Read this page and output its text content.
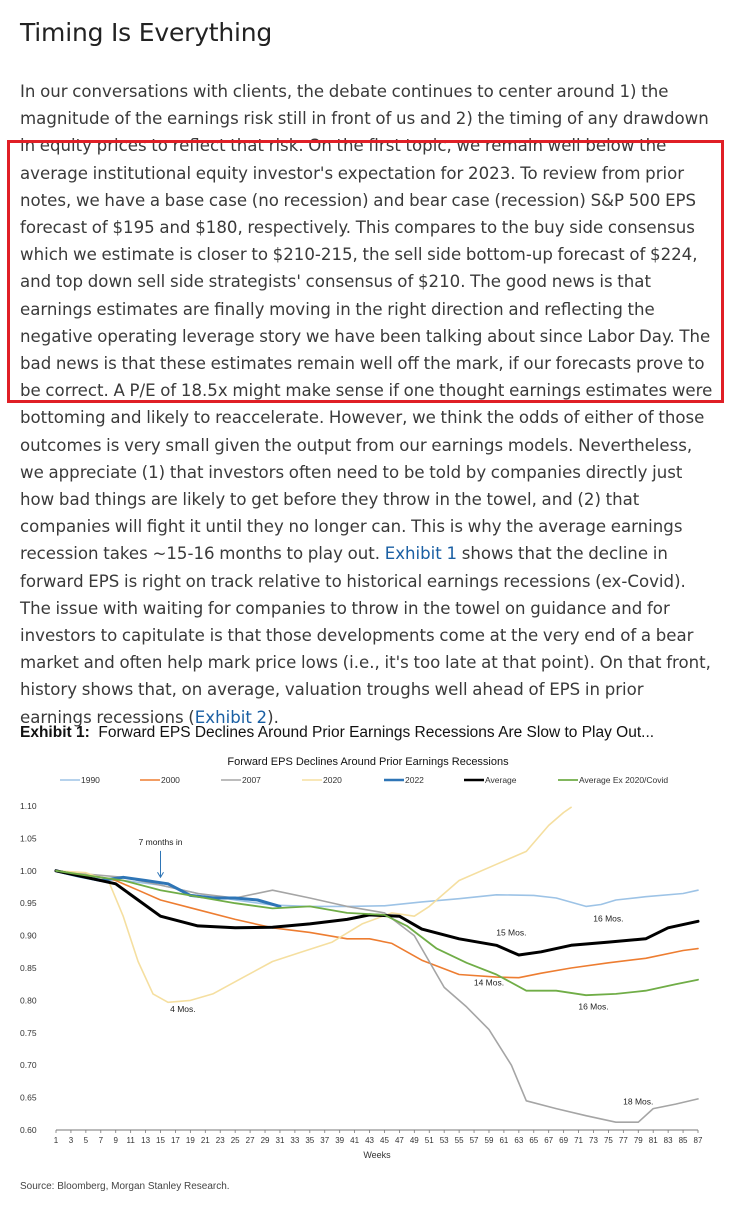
Timing Is Everything

In our conversations with clients, the debate continues to center around 1) the magnitude of the earnings risk still in front of us and 2) the timing of any drawdown in equity prices to reflect that risk. On the first topic, we remain well below the average institutional equity investor's expectation for 2023. To review from prior notes, we have a base case (no recession) and bear case (recession) S&P 500 EPS forecast of $195 and $180, respectively. This compares to the buy side consensus which we estimate is closer to $210-215, the sell side bottom-up forecast of $224, and top down sell side strategists' consensus of $210. The good news is that earnings estimates are finally moving in the right direction and reflecting the negative operating leverage story we have been talking about since Labor Day. The bad news is that these estimates remain well off the mark, if our forecasts prove to be correct. A P/E of 18.5x might make sense if one thought earnings estimates were bottoming and likely to reaccelerate. However, we think the odds of either of those outcomes is very small given the output from our earnings models. Nevertheless, we appreciate (1) that investors often need to be told by companies directly just how bad things are likely to get before they throw in the towel, and (2) that companies will fight it until they no longer can. This is why the average earnings recession takes ~15-16 months to play out. Exhibit 1 shows that the decline in forward EPS is right on track relative to historical earnings recessions (ex-Covid). The issue with waiting for companies to throw in the towel on guidance and for investors to capitulate is that those developments come at the very end of a bear market and often help mark price lows (i.e., it's too late at that point). On that front, history shows that, on average, valuation troughs well ahead of EPS in prior earnings recessions (Exhibit 2).

Exhibit 1: Forward EPS Declines Around Prior Earnings Recessions Are Slow to Play Out...

Forward EPS Declines Around Prior Earnings Recessions
1990	2000	2007	2020	2022	Average	Average Ex 2020/Covid
0.60
0.65
0.70
0.75
0.80
0.85
0.90
0.95
1.00
1.05
1.10
1 3 5 7 9 11 13 15 17 19 21 23 25 27 29 31 33 35 37 39 41 43 45 47 49 51 53 55 57 59 61 63 65 67 69 71 73 75 77 79 81 83 85 87
Weeks
7 months in
4 Mos.
14 Mos.
15 Mos.
16 Mos.
16 Mos.
18 Mos.

Source: Bloomberg, Morgan Stanley Research.
